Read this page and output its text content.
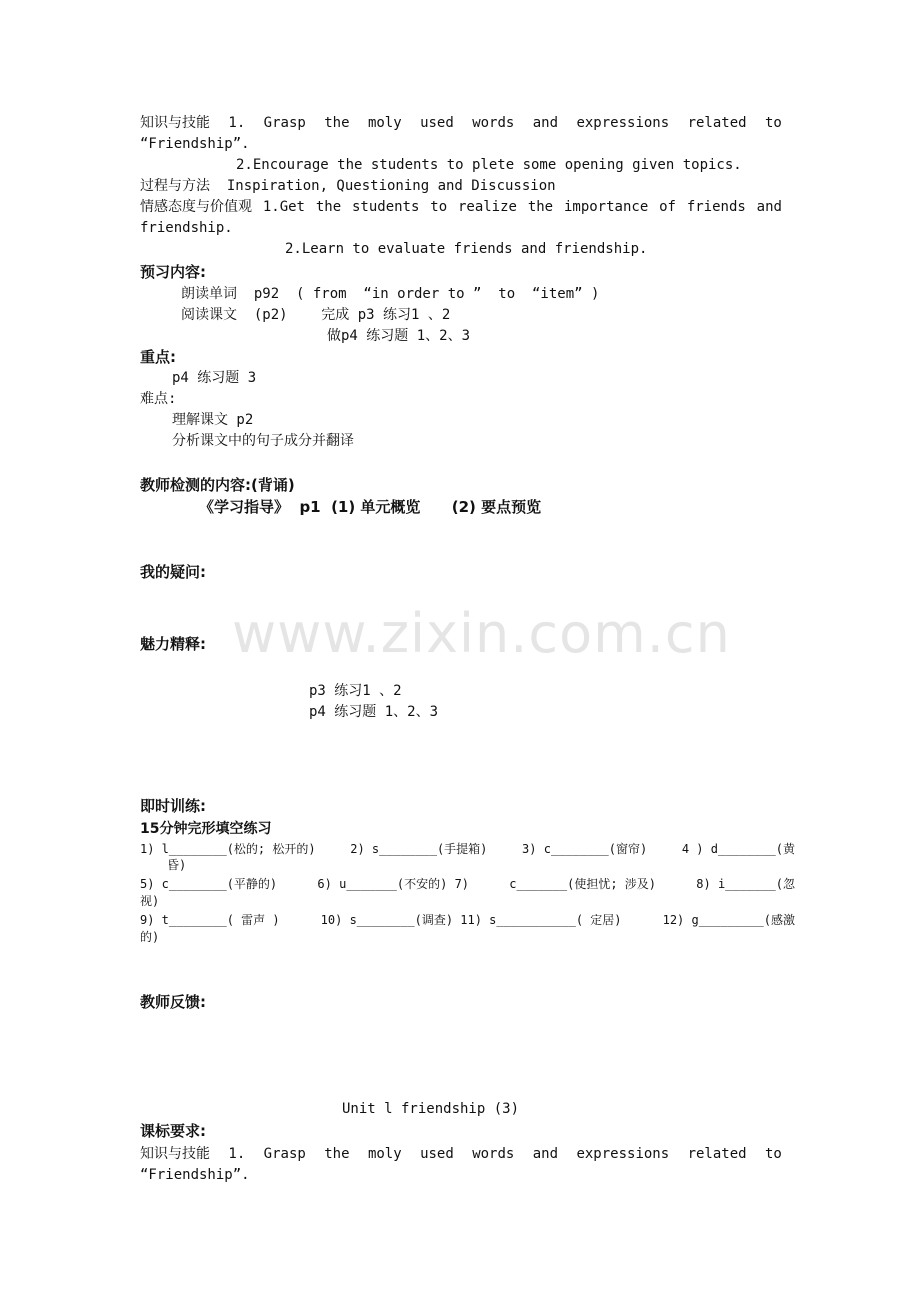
知识与技能 1. Grasp the moly used words and expressions related to
“Friendship”.
2.Encourage the students to plete some opening given topics.
过程与方法  Inspiration, Questioning and Discussion
情感态度与价值观 1.Get the students to realize the importance of friends and
friendship.
2.Learn to evaluate friends and friendship.
预习内容:
朗读单词  p92  ( from  “in order to ”  to  “item” )
阅读课文  (p2)    完成 p3 练习1 、2
做p4 练习题 1、2、3
重点:
p4 练习题 3
难点:
理解课文 p2
分析课文中的句子成分并翻译
教师检测的内容:(背诵)
《学习指导》  p1  (1) 单元概览      (2) 要点预览
我的疑问:
www.zixin.com.cn
魅力精释:
p3 练习1 、2
p4 练习题 1、2、3
即时训练:
15分钟完形填空练习
1) l________(松的; 松开的)	2) s________(手提箱)	3) c________(窗帘)	4 ) d________(黄
昏)
5) c________(平静的)	6) u_______(不安的) 7)	c_______(使担忧; 涉及)	8) i_______(忽
视)
9) t________( 雷声 )	10) s________(调查) 11) s___________( 定居)	12) g_________(感激
的)
教师反馈:
Unit l friendship (3)
课标要求:
知识与技能 1. Grasp the moly used words and expressions related to
“Friendship”.
